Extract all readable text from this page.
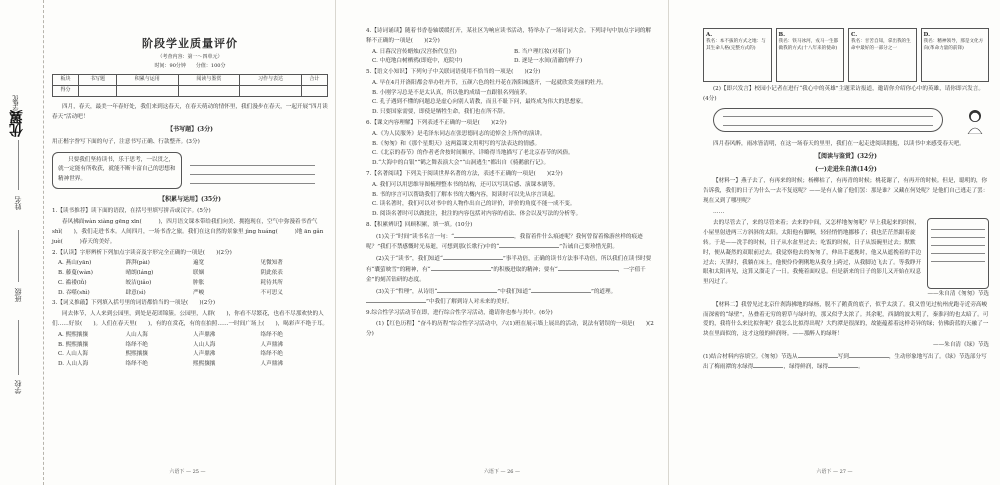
优翼学练优
姓名
班级
学校
阶段学业质量评价
（考查内容：第一～四单元）
时间：90分钟　　分值：100分
板块	书写题	积累与运用	阅读与鉴赏	习作与表达	合计
得分					
四月，春天，最美一年春好处，我们来到这春天，在春天萌动的情怀里，我们漫步在春天，一起开展“四月读春天”活动吧！
【书写题】(3分)
用正楷字誊写下面的句子，注意书写正确、行款整齐。(3分)
只要我们坚持读书，乐于思考，一以贯之，就一定能有所收获，就能不断丰富自己的思想和精神世界。
【积累与运用】(35分)
1.【读书推荐】读下面的语段，在括号里填写拼音或汉字。(5分)
春风拂面wàn xiàng gēng xīn(　　　)，四月语文课本带给我们向美、拥抱现在，空气中弥漫着书香气 shǐ(　　)，我们走进书本。人间四月，一场书香之旅。我们在这自然的景象里 jìng huáng(　　　)地 ān gǎn juè(　　　)春天的美好。
2.【认读】字形辨析下列加点字读音及字形完全正确的一项是(　　)(2分)
A. 燕山(yān)	湃湃(pài)	遍宽	见微知著
B. 藤蔓(wàn)	晴朗(láng)	联姻	阴此依表
C. 褴褛(lǚ)	皎洁(jiǎo)	肿胀	耗待其所
D. 吞噬(shì)	肆意(sì)	严峻	不可思义
3.【词义推敲】下列填入括号里的词语都恰当的一项是(　　)(2分)
同去体节，人人来到公园里，到处是花团锦簇。公园里，人群(　　)，你看不尽繁花，也看不尽那欢快的人们……好景(　　)。人们在春天里(　　)，有的在赏花，有的在拍照……一时间广场上(　　)，喝彩声不绝于耳。
A. 熙熙攘攘	人山人海	人声鼎沸	络绎不绝
B. 熙熙攘攘	络绎不绝	人山人海	人声鼎沸
C. 人山人海	熙熙攘攘	人声鼎沸	络绎不绝
D. 人山人海	络绎不绝	熙熙攘攘	人声鼎沸
六语下 — 25 —
4.【诗词诵读】随着书香卷轴缓缓打开，某社区为响应读书活动，特举办了一场诗词大会。下列诗句中加点字词的解释不正确的一项是(　　)(2分)
A. 日暮汉宫传蜡烛(汉宫指代皇宫)	B. 当户理红妆(对着门)
C. 中庭地白树栖鸦(即庭中，庭院中)	D. 逐是一水间(清澈的样子)
5.【语文小知识】下列句子中关联词语使用不恰当的一项是(　　)(2分)
A. 早在4月开洛阳都会举办牡丹节，五颜六色的牡丹花在洛阳城盛开，一起就欣赏美丽的牡丹。
B. 小刚学习总是不是太认真，所以他的成绩一直跟很名列前茅。
C. 孔子遇到不懂的问题总是虚心向别人请教，而且不耻下问，最终成为伟大的思想家。
D. 只要国家需要，即使是牺牲生命，我们也在所不辞。
6.【课文内容理解】下列表述不正确的一项是(　　)(2分)
A.《为人民服务》是毛泽东同志在张思德同志的追悼会上所作的演讲。
B.《匆匆》和《那个星期天》这两篇课文用明写的写法表达的情感。
C.《北京的春节》的作者老舍按时间顺序，详略得当地描写了老北京春节的风俗。
D.“大海中的白银”“鹤之舞表演大会”“山洞逃生”都出自《骑鹅旅行记》。
7.【名著阅读】下列关于阅读世界名著的方法，表述不正确的一项是(　　)(2分)
A. 我们可以用思维导图梳理整本书的结构，还可以写读后感、演课本剧等。
B. 书的序言可以帮助我们了解本书的大概内容，阅读时可以先从序言读起。
C. 读名著时，我们可以对书中的人物作出自己的评价，评价的角度不能一成不变。
D. 阅读名著时可以做批注，批注的内容包括对内容的看法、体会以及写法的分析等。
8.【积累辨识】回顾积累，填一填。(10分)
(1)关于“时间”读书名言一句：“	，我留着件什么痕迹呢？我何曾留着像游丝样的痕迹呢？”我们不禁感慨时光易逝，可想到那(长歌行)中的“	”告诫自己要珍惜光阴。
(2)关于“读书”，我们知道“	”事半功倍，正确的读书方法事半功倍，所以我们在读书时要有“囊萤映雪”的精神，有“	”的积极进取的精神；要有“	，一字值千金”的刻苦钻研的态度。
(3)关于“哲理”，从诗语“	”中我们知道“	”的道理。”中我们了解到诗人对未来的美好。
9.综合性学习活动节在即，进行综合性学习活动，邀请你也参与其中。(6分)
(1)【红色历程】“奋斗的历程”综合性学习活动中，六(1)班在展示墙上展出的活动，说法有错误的一项是(　　)(2分)
六语下 — 26 —
A.
我名：本不拔的方式之地：与其生命人格(完整方式的)
B.
我名：铁马冰河，戎马一生都做我的方式(十八年来的使命)
C.
我名：甘苦自知，拿出我的生命中最好的一部分之一
D.
我名：精神领导，那是文化方向(革命力量的前锋)
(2)【即兴发言】校园小记者在进行“我心中的英雄”主题采访报道，邀请你介绍你心中的英雄，请你即兴发言。(4分)
四月春风醉，雨冰皆清明，在这一场春天的里里，我们在一起走进阅读拥抱，以读书中来感受春天吧。
【阅读与鉴赏】(32分)
(一)走进朱自清(14分)
【材料一】燕子去了，有再来的时候；杨柳枯了，有再青的时候；桃花谢了，有再开的时候。但是，聪明的，你告诉我，我们的日子为什么一去不复返呢？——是有人偷了他们罢：那是谁？又藏在何处呢？是他们自己逃走了罢：现在又到了哪里呢？
……
去的尽管去了，来的尽管来着；去来的中间，又怎样地匆匆呢？早上我起来的时候，小屋里射进两三方斜斜的太阳。太阳他有脚啊，轻轻悄悄地挪移了；我也茫茫然跟着旋转。于是——洗手的时候，日子从水盆里过去；吃饭的时候，日子从饭碗里过去；默默时，便从凝然的双眼前过去。我觉察他去的匆匆了，伸出手遮挽时，他又从遮挽着的手边过去；天黑时，我躺在床上，他便伶伶俐俐地从我身上跨过，从我脚边飞去了。等我睁开眼和太阳再见，这算又溜走了一日。我掩着面叹息。但是新来的日子的影儿又开始在叹息里闪过了。
——朱自清《匆匆》节选
【材料二】我曾见过北京什刹海拂地的绿杨，脱不了鹅黄的底子，似乎太淡了。我又曾见过杭州虎跑寺近旁高峻而深密的“绿壁”，丛叠着无穷的碧草与绿叶的，那又似乎太浓了。其余呢，西湖的波太明了，秦淮河的也太暗了。可爱的，我将什么来比拟你呢？我怎么比拟得出呢？大约潭是很深的，故能蕴蓄着这样奇异的绿；仿佛蔚蓝的天融了一块在里面似的，这才这般的鲜润呀。——那醉人的绿呀！
——朱自清《绿》节选
(1)结合材料内容填空。《匆匆》节选从	写到	，生动形象地写出了。《绿》节选部分写出了梅雨潭的水绿得	，绿得鲜润，绿得	。
六语下 — 27 —
